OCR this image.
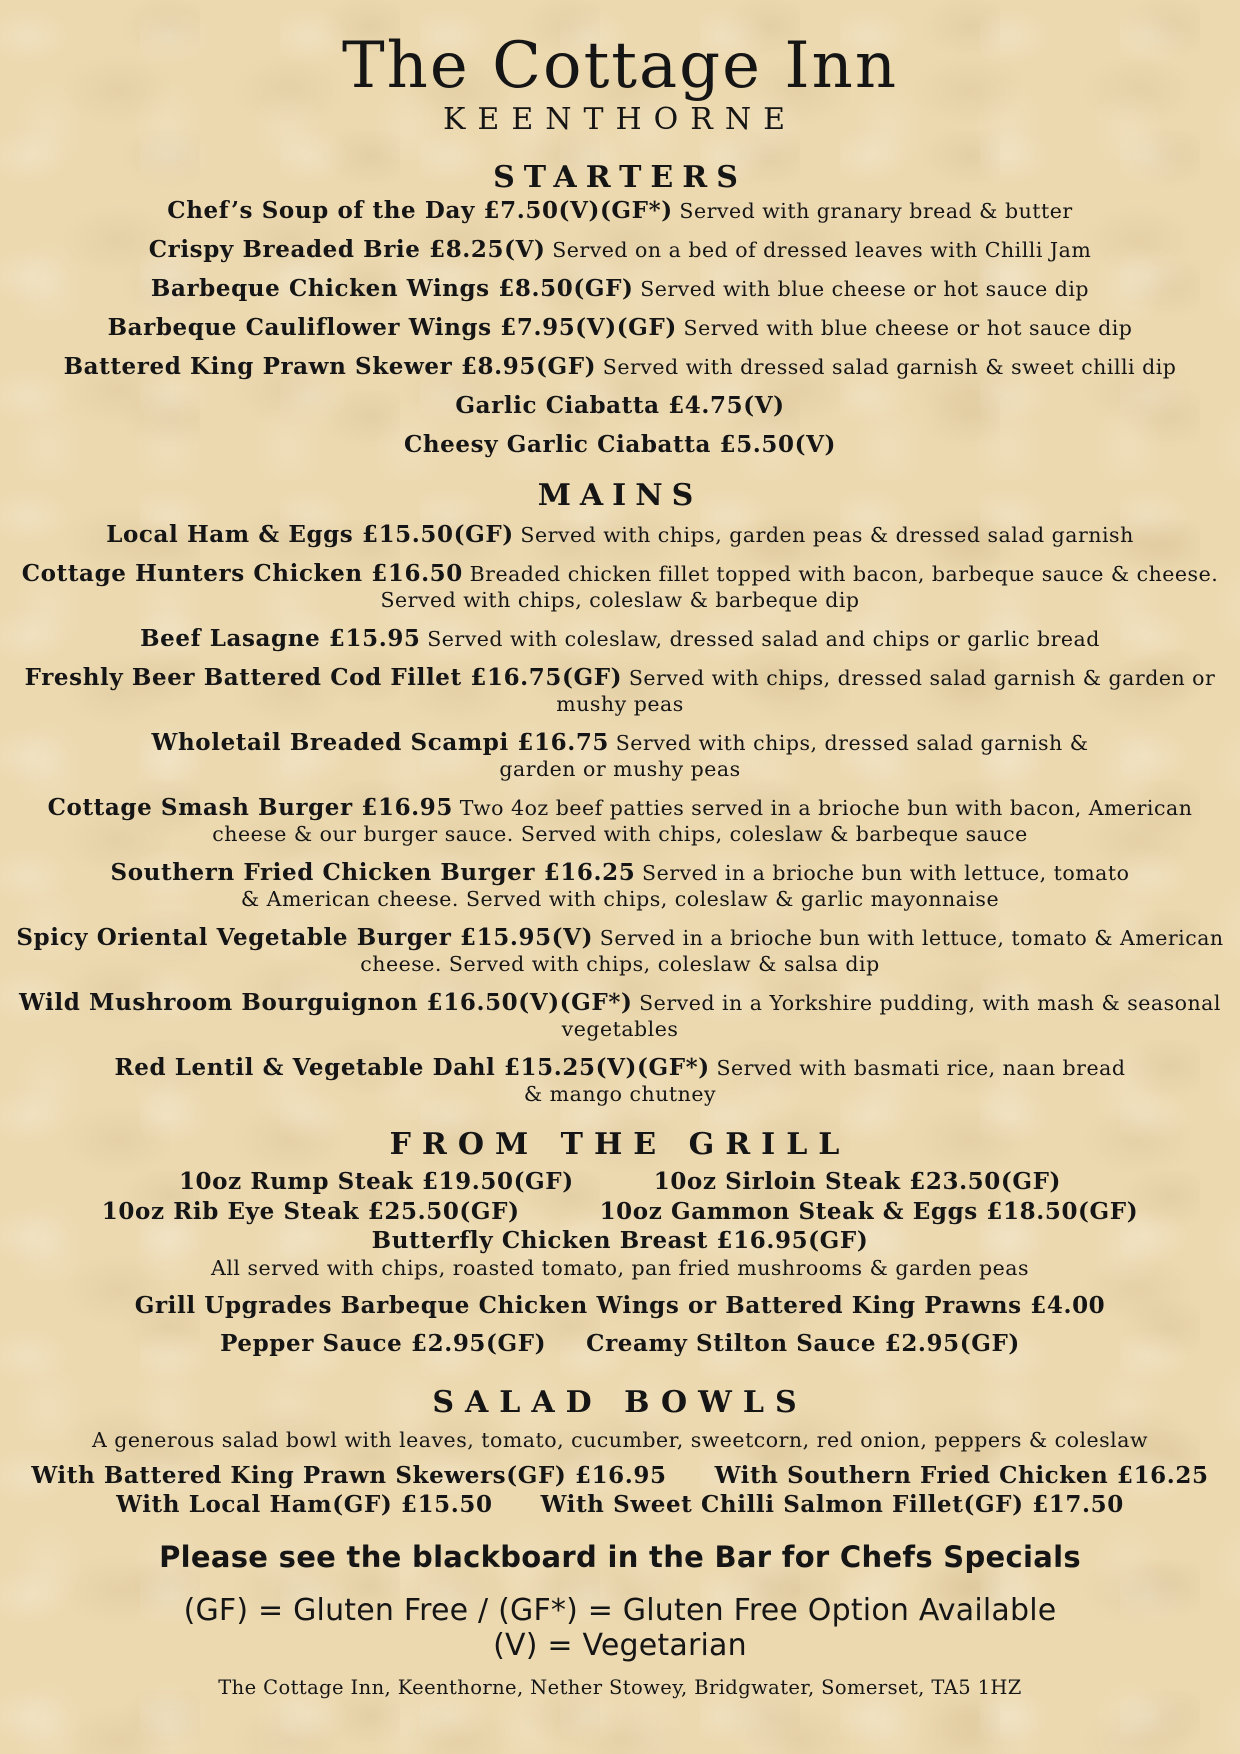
The Cottage Inn
KEENTHORNE
STARTERS

Chef’s Soup of the Day £7.50(V)(GF*) Served with granary bread & butter

Crispy Breaded Brie £8.25(V) Served on a bed of dressed leaves with Chilli Jam

Barbeque Chicken Wings £8.50(GF) Served with blue cheese or hot sauce dip

Barbeque Cauliflower Wings £7.95(V)(GF) Served with blue cheese or hot sauce dip

Battered King Prawn Skewer £8.95(GF) Served with dressed salad garnish & sweet chilli dip

Garlic Ciabatta £4.75(V)

Cheesy Garlic Ciabatta £5.50(V)

MAINS

Local Ham & Eggs £15.50(GF) Served with chips, garden peas & dressed salad garnish

Cottage Hunters Chicken £16.50 Breaded chicken fillet topped with bacon, barbeque sauce & cheese. Served with chips, coleslaw & barbeque dip

Beef Lasagne £15.95 Served with coleslaw, dressed salad and chips or garlic bread

Freshly Beer Battered Cod Fillet £16.75(GF) Served with chips, dressed salad garnish & garden or mushy peas

Wholetail Breaded Scampi £16.75 Served with chips, dressed salad garnish & garden or mushy peas

Cottage Smash Burger £16.95 Two 4oz beef patties served in a brioche bun with bacon, American cheese & our burger sauce. Served with chips, coleslaw & barbeque sauce

Southern Fried Chicken Burger £16.25 Served in a brioche bun with lettuce, tomato & American cheese. Served with chips, coleslaw & garlic mayonnaise

Spicy Oriental Vegetable Burger £15.95(V) Served in a brioche bun with lettuce, tomato & American cheese. Served with chips, coleslaw & salsa dip

Wild Mushroom Bourguignon £16.50(V)(GF*) Served in a Yorkshire pudding, with mash & seasonal vegetables

Red Lentil & Vegetable Dahl £15.25(V)(GF*) Served with basmati rice, naan bread & mango chutney

FROM THE GRILL
10oz Rump Steak £19.50(GF)	10oz Sirloin Steak £23.50(GF)
10oz Rib Eye Steak £25.50(GF)	10oz Gammon Steak & Eggs £18.50(GF)
Butterfly Chicken Breast £16.95(GF)
All served with chips, roasted tomato, pan fried mushrooms & garden peas
Grill Upgrades Barbeque Chicken Wings or Battered King Prawns £4.00
Pepper Sauce £2.95(GF) Creamy Stilton Sauce £2.95(GF)
SALAD BOWLS
A generous salad bowl with leaves, tomato, cucumber, sweetcorn, red onion, peppers & coleslaw
With Battered King Prawn Skewers(GF) £16.95 With Southern Fried Chicken £16.25
With Local Ham(GF) £15.50 With Sweet Chilli Salmon Fillet(GF) £17.50
Please see the blackboard in the Bar for Chefs Specials
(GF) = Gluten Free / (GF*) = Gluten Free Option Available
(V) = Vegetarian
The Cottage Inn, Keenthorne, Nether Stowey, Bridgwater, Somerset, TA5 1HZ
